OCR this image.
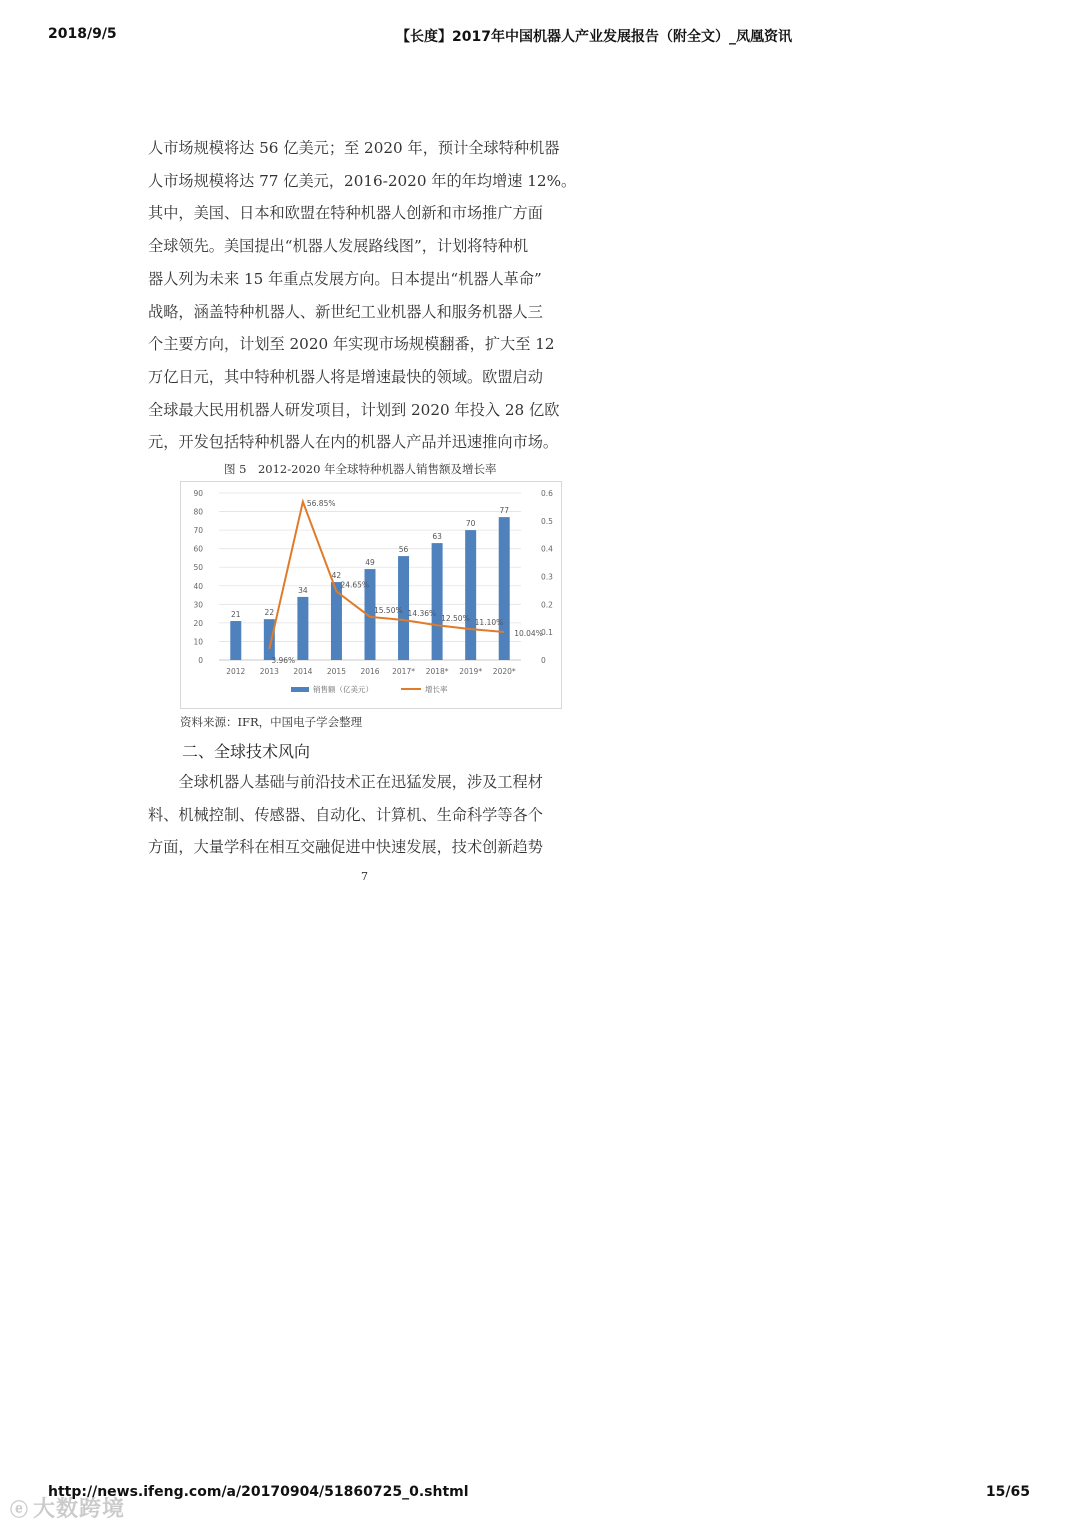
2018/9/5	【长度】2017年中国机器人产业发展报告（附全文）_凤凰资讯

人市场规模将达 56 亿美元；至 2020 年，预计全球特种机器
人市场规模将达 77 亿美元，2016-2020 年的年均增速 12%。
其中，美国、日本和欧盟在特种机器人创新和市场推广方面
全球领先。美国提出“机器人发展路线图”，计划将特种机
器人列为未来 15 年重点发展方向。日本提出“机器人革命”
战略，涵盖特种机器人、新世纪工业机器人和服务机器人三
个主要方向，计划至 2020 年实现市场规模翻番，扩大至 12
万亿日元，其中特种机器人将是增速最快的领域。欧盟启动
全球最大民用机器人研发项目，计划到 2020 年投入 28 亿欧
元，开发包括特种机器人在内的机器人产品并迅速推向市场。

图 5　2012-2020 年全球特种机器人销售额及增长率
0
10
20
30
40
50
60
70
80
90
0
0.1
0.2
0.3
0.4
0.5
0.6
21	22
34
42
49
56
63
70
77
3.96%
56.85%
24.65%
15.50% 14.36%
12.50% 11.10%
10.04%
2012 2013 2014 2015 2016 2017* 2018* 2019* 2020*
销售额（亿美元）	增长率
资料来源：IFR，中国电子学会整理
二、全球技术风向

　　全球机器人基础与前沿技术正在迅猛发展，涉及工程材
料、机械控制、传感器、自动化、计算机、生命科学等各个
方面，大量学科在相互交融促进中快速发展，技术创新趋势

7
ⓔ 大数跨境
http://news.ifeng.com/a/20170904/51860725_0.shtml	15/65
